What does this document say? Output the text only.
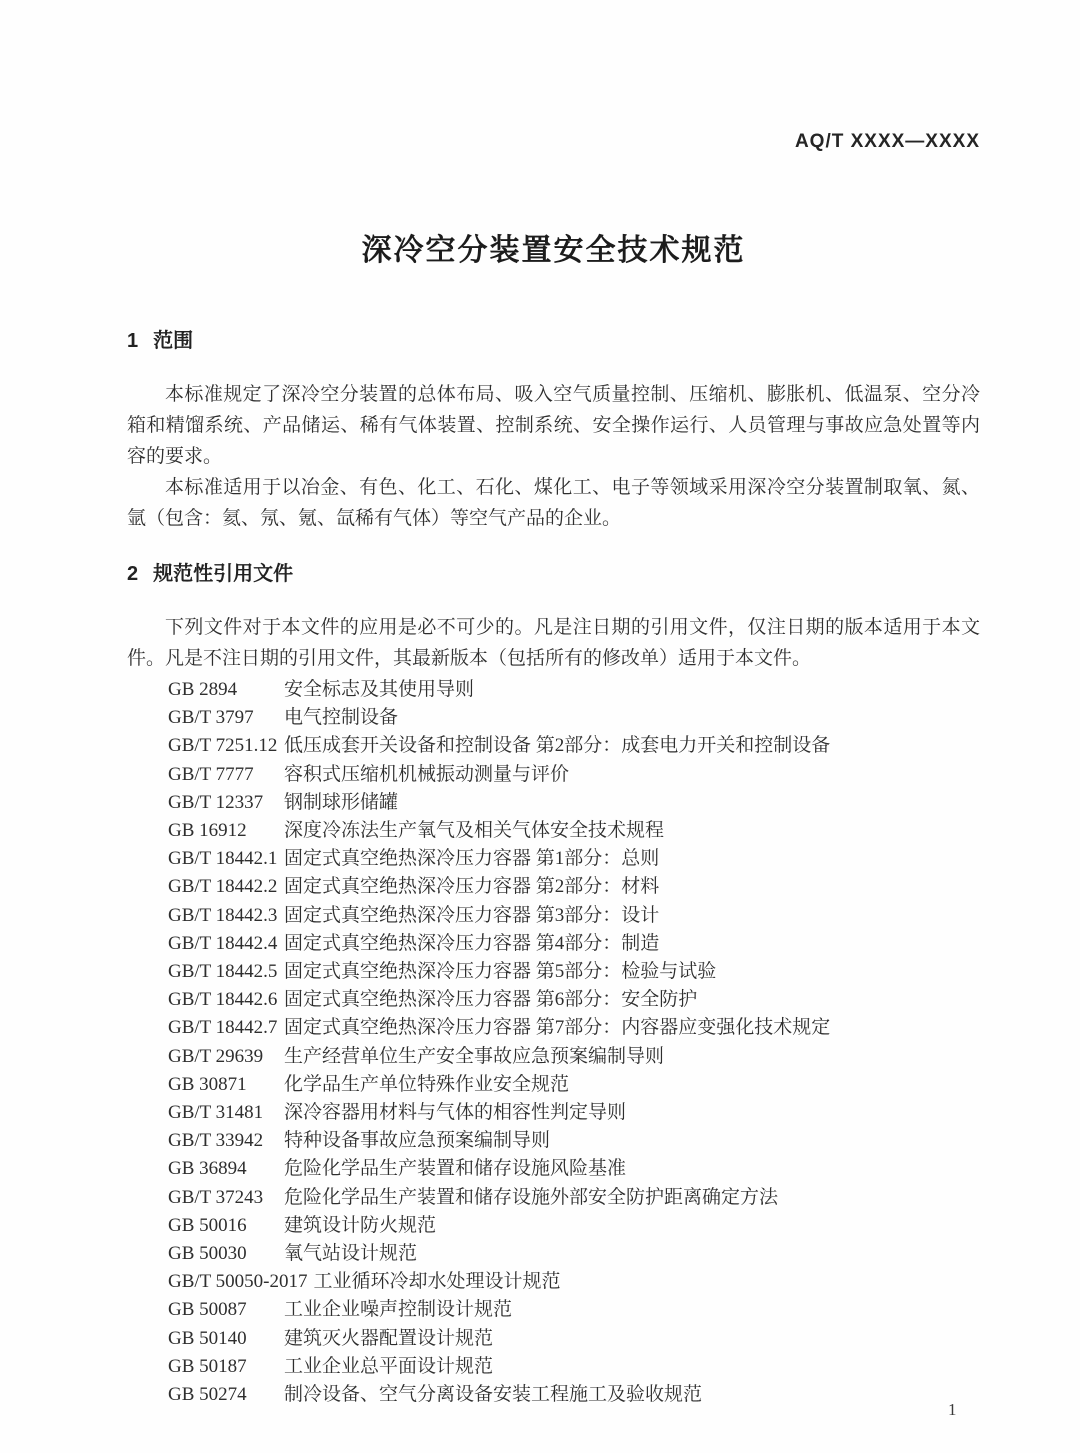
AQ/T XXXX—XXXX
深冷空分装置安全技术规范
1 范围

本标准规定了深冷空分装置的总体布局、吸入空气质量控制、压缩机、膨胀机、低温泵、空分冷箱和精馏系统、产品储运、稀有气体装置、控制系统、安全操作运行、人员管理与事故应急处置等内容的要求。

本标准适用于以冶金、有色、化工、石化、煤化工、电子等领域采用深冷空分装置制取氧、氮、氩（包含：氦、氖、氪、氙稀有气体）等空气产品的企业。

2 规范性引用文件

下列文件对于本文件的应用是必不可少的。凡是注日期的引用文件，仅注日期的版本适用于本文件。凡是不注日期的引用文件，其最新版本（包括所有的修改单）适用于本文件。

GB 2894	安全标志及其使用导则
GB/T 3797	电气控制设备
GB/T 7251.12 低压成套开关设备和控制设备 第2部分：成套电力开关和控制设备
GB/T 7777	容积式压缩机机械振动测量与评价
GB/T 12337	钢制球形储罐
GB 16912	深度冷冻法生产氧气及相关气体安全技术规程
GB/T 18442.1 固定式真空绝热深冷压力容器 第1部分：总则
GB/T 18442.2 固定式真空绝热深冷压力容器 第2部分：材料
GB/T 18442.3 固定式真空绝热深冷压力容器 第3部分：设计
GB/T 18442.4 固定式真空绝热深冷压力容器 第4部分：制造
GB/T 18442.5 固定式真空绝热深冷压力容器 第5部分：检验与试验
GB/T 18442.6 固定式真空绝热深冷压力容器 第6部分：安全防护
GB/T 18442.7 固定式真空绝热深冷压力容器 第7部分：内容器应变强化技术规定
GB/T 29639	生产经营单位生产安全事故应急预案编制导则
GB 30871	化学品生产单位特殊作业安全规范
GB/T 31481	深冷容器用材料与气体的相容性判定导则
GB/T 33942	特种设备事故应急预案编制导则
GB 36894	危险化学品生产装置和储存设施风险基准
GB/T 37243	危险化学品生产装置和储存设施外部安全防护距离确定方法
GB 50016	建筑设计防火规范
GB 50030	氧气站设计规范
GB/T 50050-2017 工业循环冷却水处理设计规范
GB 50087	工业企业噪声控制设计规范
GB 50140	建筑灭火器配置设计规范
GB 50187	工业企业总平面设计规范
GB 50274	制冷设备、空气分离设备安装工程施工及验收规范
1
